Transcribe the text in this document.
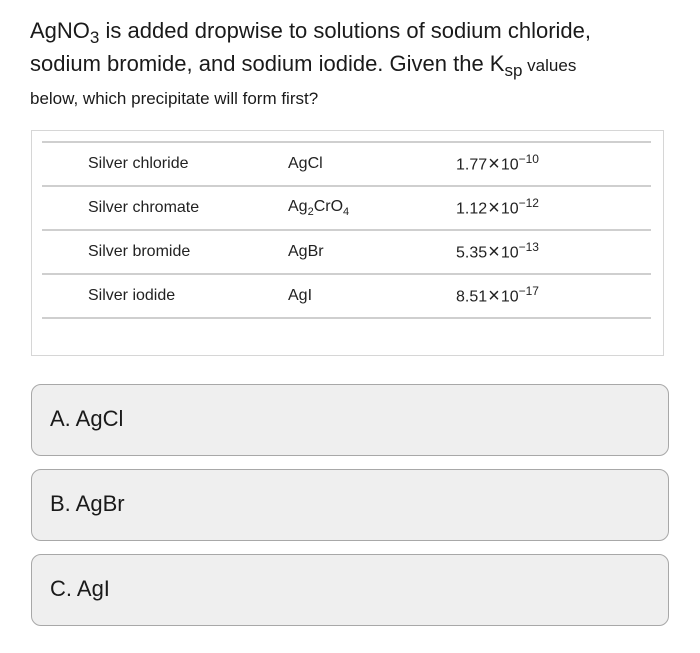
AgNO$_3$ is added dropwise to solutions of sodium chloride,
sodium bromide, and sodium iodide. Given the $K_{sp}$ values
below, which precipitate will form first?
Silver chloride	AgCl	$1.77\times 10^{-10}$
Silver chromate	$Ag_2CrO_4$	$1.12\times 10^{-12}$
Silver bromide	AgBr	$5.35\times 10^{-13}$
Silver iodide	AgI	$8.51\times 10^{-17}$
A. AgCl
B. AgBr
C. AgI
